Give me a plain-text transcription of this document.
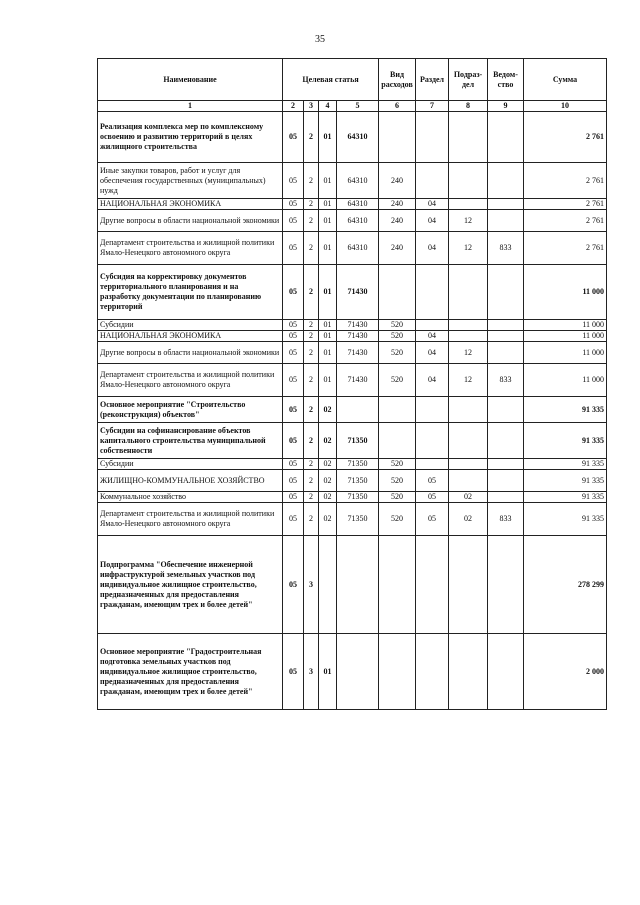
35
Наименование	Целевая статья				Вид расходов	Раздел	Подраз-дел	Ведом-ство	Сумма
1	2	3	4	5	6	7	8	9	10
Реализация комплекса мер по комплексному освоению и развитию территорий в целях жилищного строительства	05	2	01	64310					2 761
Иные закупки товаров, работ и услуг для обеспечения государственных (муниципальных) нужд	05	2	01	64310	240				2 761
НАЦИОНАЛЬНАЯ ЭКОНОМИКА	05	2	01	64310	240	04			2 761
Другие вопросы в области национальной экономики	05	2	01	64310	240	04	12		2 761
Департамент строительства и жилищной политики Ямало-Ненецкого автономного округа	05	2	01	64310	240	04	12	833	2 761
Субсидия на корректировку документов территориального планирования и на разработку документации по планированию территорий	05	2	01	71430					11 000
Субсидии	05	2	01	71430	520				11 000
НАЦИОНАЛЬНАЯ ЭКОНОМИКА	05	2	01	71430	520	04			11 000
Другие вопросы в области национальной экономики	05	2	01	71430	520	04	12		11 000
Департамент строительства и жилищной политики Ямало-Ненецкого автономного округа	05	2	01	71430	520	04	12	833	11 000
Основное мероприятие "Строительство (реконструкция) объектов"	05	2	02						91 335
Субсидии на софинансирование объектов капитального строительства муниципальной собственности	05	2	02	71350					91 335
Субсидии	05	2	02	71350	520				91 335
ЖИЛИЩНО-КОММУНАЛЬНОЕ ХОЗЯЙСТВО	05	2	02	71350	520	05			91 335
Коммунальное хозяйство	05	2	02	71350	520	05	02		91 335
Департамент строительства и жилищной политики Ямало-Ненецкого автономного округа	05	2	02	71350	520	05	02	833	91 335
Подпрограмма "Обеспечение инженерной инфраструктурой земельных участков под индивидуальное жилищное строительство, предназначенных для предоставления гражданам, имеющим трех и более детей"	05	3							278 299
Основное мероприятие "Градостроительная подготовка земельных участков под индивидуальное жилищное строительство, предназначенных для предоставления гражданам, имеющим трех и более детей"	05	3	01						2 000
